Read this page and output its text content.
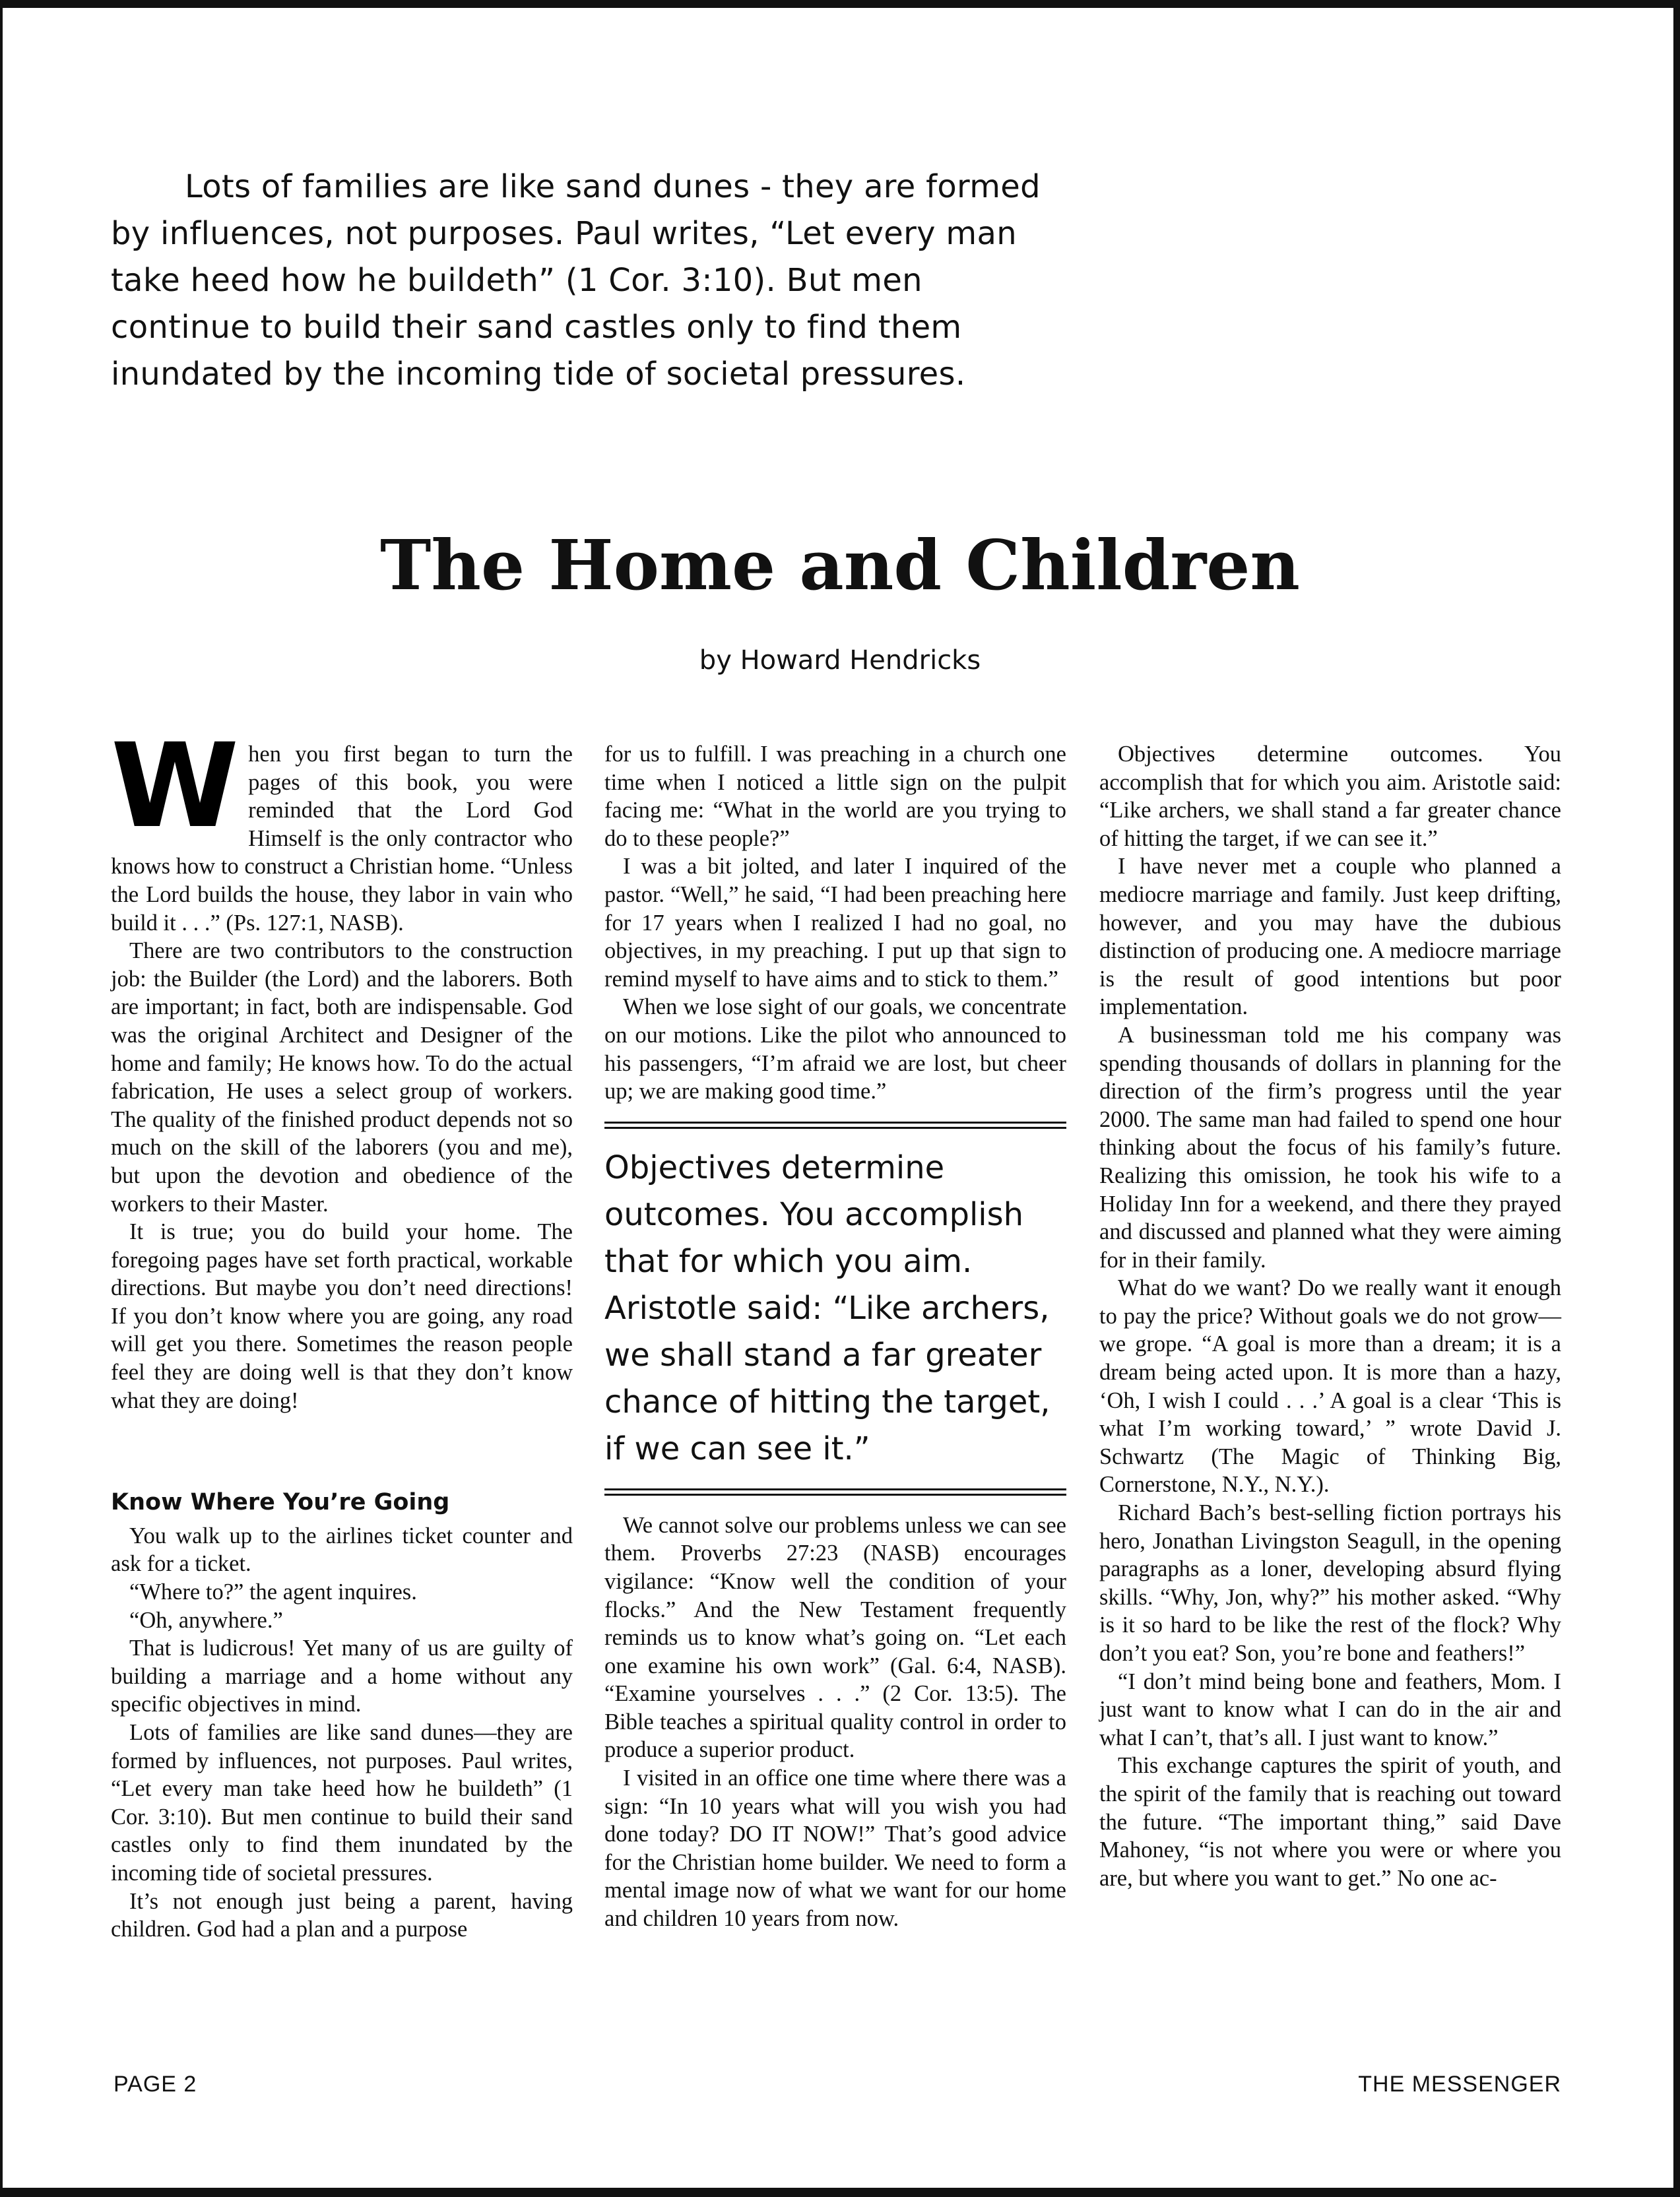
Lots of families are like sand dunes - they are formed by influences, not purposes. Paul writes, “Let every man take heed how he buildeth” (1 Cor. 3:10). But men continue to build their sand castles only to find them inundated by the incoming tide of societal pressures.

The Home and Children
by Howard Hendricks

When you first began to turn the pages of this book, you were reminded that the Lord God Himself is the only contractor who knows how to construct a Christian home. “Unless the Lord builds the house, they labor in vain who build it . . .” (Ps. 127:1, NASB).

There are two contributors to the construction job: the Builder (the Lord) and the laborers. Both are important; in fact, both are indispensable. God was the original Architect and Designer of the home and family; He knows how. To do the actual fabrication, He uses a select group of workers. The quality of the finished product depends not so much on the skill of the laborers (you and me), but upon the devotion and obedience of the workers to their Master.

It is true; you do build your home. The foregoing pages have set forth practical, workable directions. But maybe you don’t need directions! If you don’t know where you are going, any road will get you there. Sometimes the reason people feel they are doing well is that they don’t know what they are doing!

Know Where You’re Going

You walk up to the airlines ticket counter and ask for a ticket.

“Where to?” the agent inquires.

“Oh, anywhere.”

That is ludicrous! Yet many of us are guilty of building a marriage and a home without any specific objectives in mind.

Lots of families are like sand dunes—they are formed by influences, not purposes. Paul writes, “Let every man take heed how he buildeth” (1 Cor. 3:10). But men continue to build their sand castles only to find them inundated by the incoming tide of societal pressures.

It’s not enough just being a parent, having children. God had a plan and a purpose

for us to fulfill. I was preaching in a church one time when I noticed a little sign on the pulpit facing me: “What in the world are you trying to do to these people?”

I was a bit jolted, and later I inquired of the pastor. “Well,” he said, “I had been preaching here for 17 years when I realized I had no goal, no objectives, in my preaching. I put up that sign to remind myself to have aims and to stick to them.”

When we lose sight of our goals, we concentrate on our motions. Like the pilot who announced to his passengers, “I’m afraid we are lost, but cheer up; we are making good time.”

Objectives determine outcomes. You accomplish that for which you aim. Aristotle said: “Like archers, we shall stand a far greater chance of hitting the target, if we can see it.”

We cannot solve our problems unless we can see them. Proverbs 27:23 (NASB) encourages vigilance: “Know well the condition of your flocks.” And the New Testament frequently reminds us to know what’s going on. “Let each one examine his own work” (Gal. 6:4, NASB). “Examine yourselves . . .” (2 Cor. 13:5). The Bible teaches a spiritual quality control in order to produce a superior product.

I visited in an office one time where there was a sign: “In 10 years what will you wish you had done today? DO IT NOW!” That’s good advice for the Christian home builder. We need to form a mental image now of what we want for our home and children 10 years from now.

Objectives determine outcomes. You accomplish that for which you aim. Aristotle said: “Like archers, we shall stand a far greater chance of hitting the target, if we can see it.”

I have never met a couple who planned a mediocre marriage and family. Just keep drifting, however, and you may have the dubious distinction of producing one. A mediocre marriage is the result of good intentions but poor implementation.

A businessman told me his company was spending thousands of dollars in planning for the direction of the firm’s progress until the year 2000. The same man had failed to spend one hour thinking about the focus of his family’s future. Realizing this omission, he took his wife to a Holiday Inn for a weekend, and there they prayed and discussed and planned what they were aiming for in their family.

What do we want? Do we really want it enough to pay the price? Without goals we do not grow—we grope. “A goal is more than a dream; it is a dream being acted upon. It is more than a hazy, ‘Oh, I wish I could . . .’ A goal is a clear ‘This is what I’m working toward,’ ” wrote David J. Schwartz (The Magic of Thinking Big, Cornerstone, N.Y., N.Y.).

Richard Bach’s best-selling fiction portrays his hero, Jonathan Livingston Seagull, in the opening paragraphs as a loner, developing absurd flying skills. “Why, Jon, why?” his mother asked. “Why is it so hard to be like the rest of the flock? Why don’t you eat? Son, you’re bone and feathers!”

“I don’t mind being bone and feathers, Mom. I just want to know what I can do in the air and what I can’t, that’s all. I just want to know.”

This exchange captures the spirit of youth, and the spirit of the family that is reaching out toward the future. “The important thing,” said Dave Mahoney, “is not where you were or where you are, but where you want to get.” No one ac-

PAGE 2	THE MESSENGER
